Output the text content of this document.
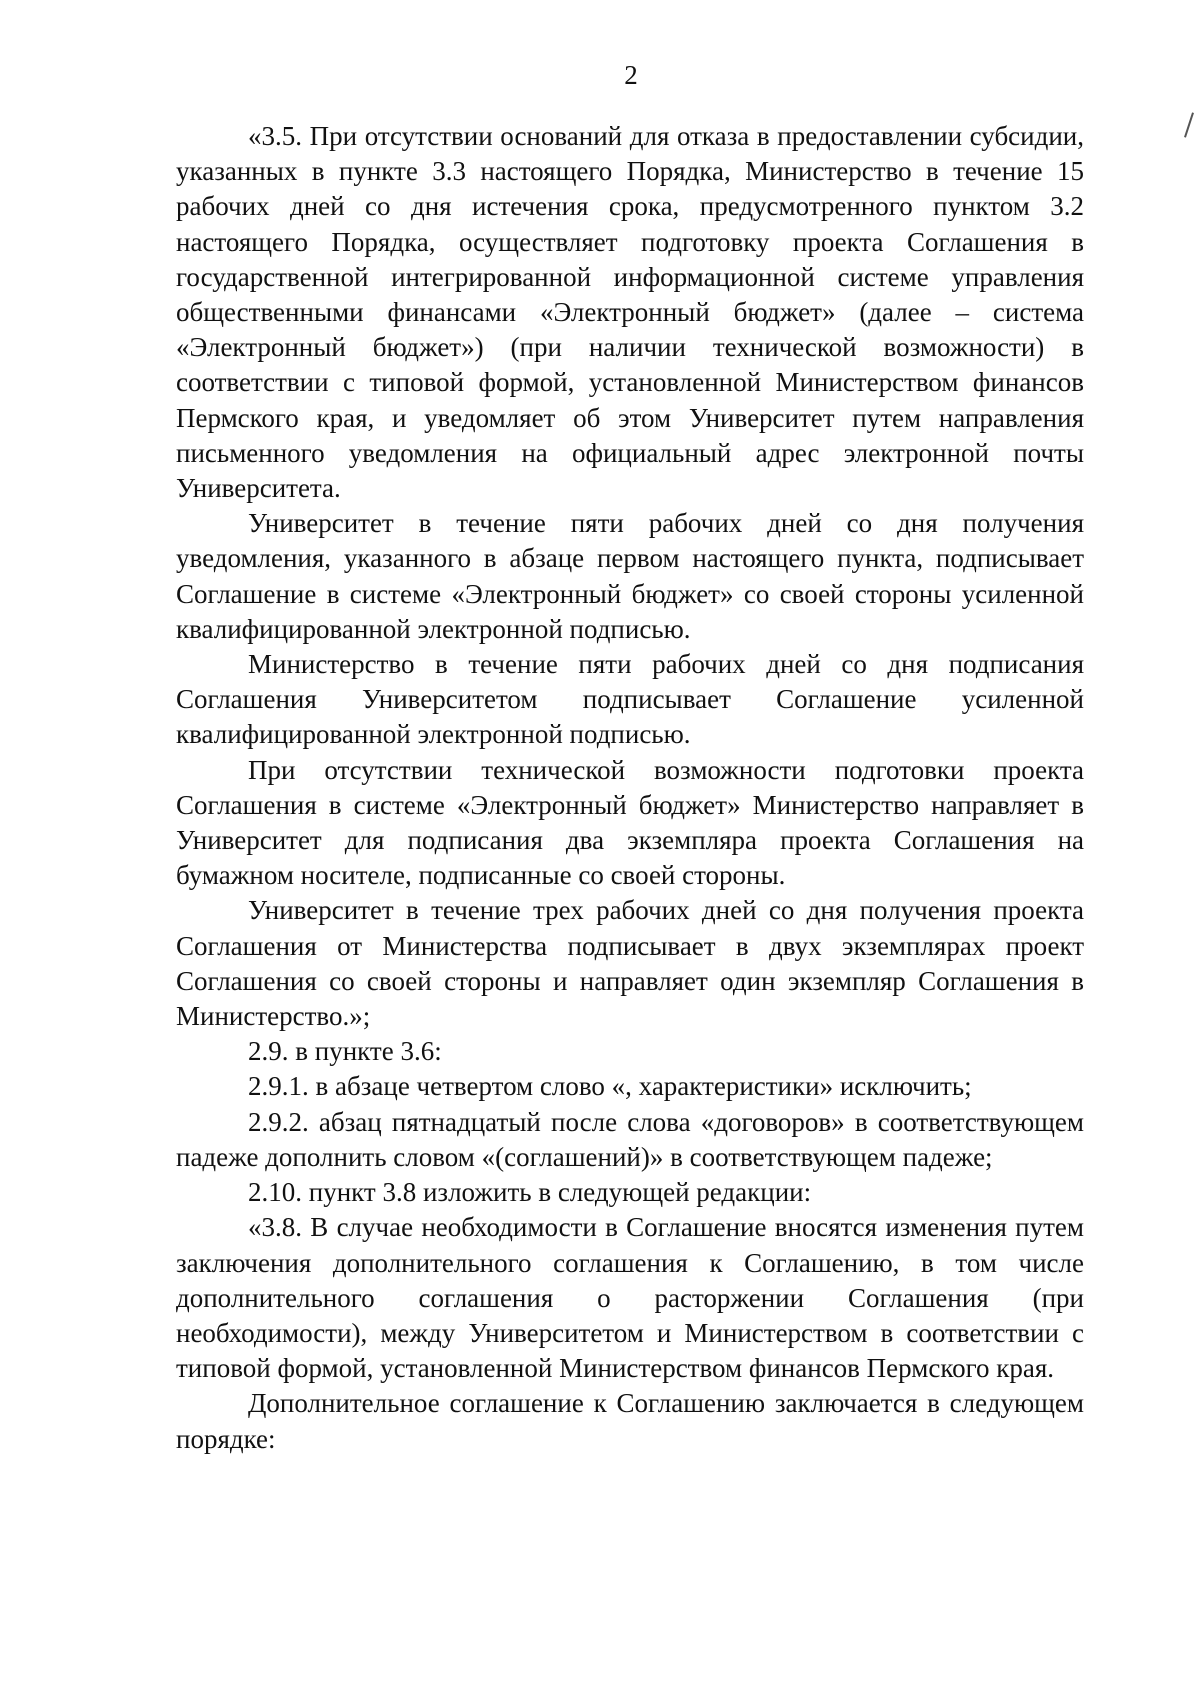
2

«3.5. При отсутствии оснований для отказа в предоставлении субсидии, указанных в пункте 3.3 настоящего Порядка, Министерство в течение 15 рабочих дней со дня истечения срока, предусмотренного пунктом 3.2 настоящего Порядка, осуществляет подготовку проекта Соглашения в государственной интегрированной информационной системе управления общественными финансами «Электронный бюджет» (далее – система «Электронный бюджет») (при наличии технической возможности) в соответствии с типовой формой, установленной Министерством финансов Пермского края, и уведомляет об этом Университет путем направления письменного уведомления на официальный адрес электронной почты Университета.

Университет в течение пяти рабочих дней со дня получения уведомления, указанного в абзаце первом настоящего пункта, подписывает Соглашение в системе «Электронный бюджет» со своей стороны усиленной квалифицированной электронной подписью.

Министерство в течение пяти рабочих дней со дня подписания Соглашения Университетом подписывает Соглашение усиленной квалифицированной электронной подписью.

При отсутствии технической возможности подготовки проекта Соглашения в системе «Электронный бюджет» Министерство направляет в Университет для подписания два экземпляра проекта Соглашения на бумажном носителе, подписанные со своей стороны.

Университет в течение трех рабочих дней со дня получения проекта Соглашения от Министерства подписывает в двух экземплярах проект Соглашения со своей стороны и направляет один экземпляр Соглашения в Министерство.»;

2.9. в пункте 3.6:

2.9.1. в абзаце четвертом слово «, характеристики» исключить;

2.9.2. абзац пятнадцатый после слова «договоров» в соответствующем падеже дополнить словом «(соглашений)» в соответствующем падеже;

2.10. пункт 3.8 изложить в следующей редакции:

«3.8. В случае необходимости в Соглашение вносятся изменения путем заключения дополнительного соглашения к Соглашению, в том числе дополнительного соглашения о расторжении Соглашения (при необходимости), между Университетом и Министерством в соответствии с типовой формой, установленной Министерством финансов Пермского края.

Дополнительное соглашение к Соглашению заключается в следующем порядке:
